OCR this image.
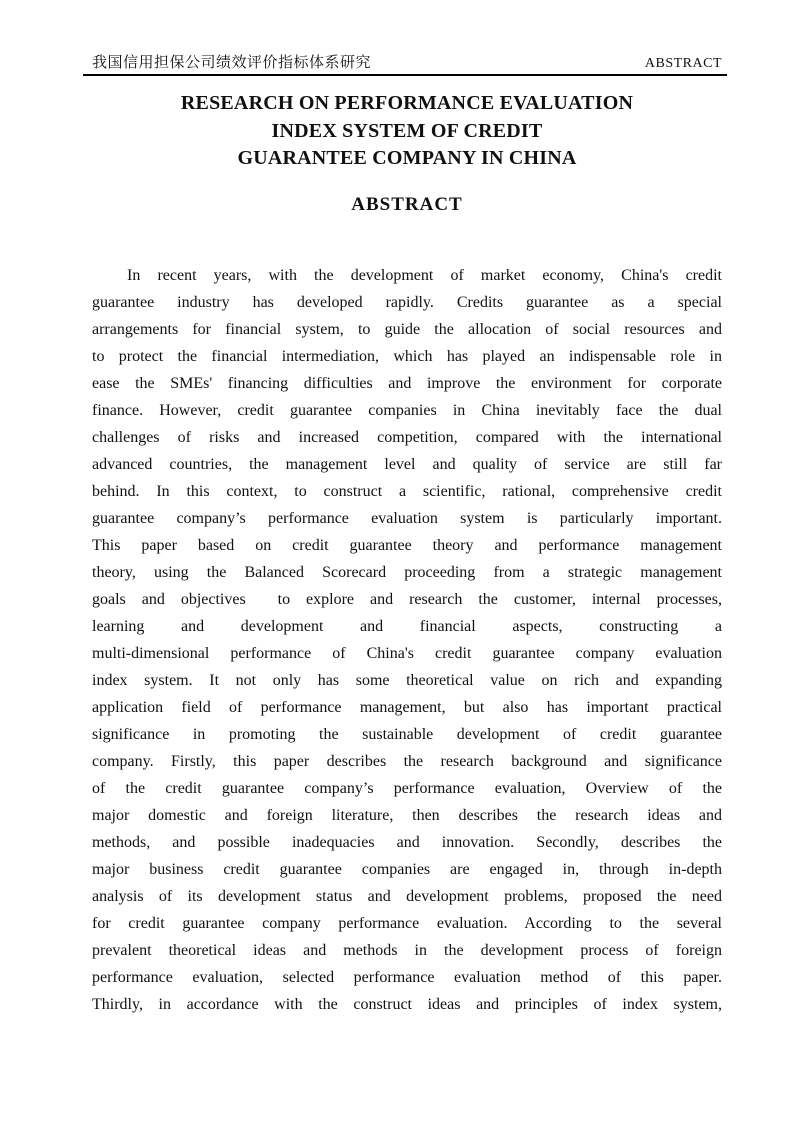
我国信用担保公司绩效评价指标体系研究	ABSTRACT
RESEARCH ON PERFORMANCE EVALUATION
INDEX SYSTEM OF CREDIT
GUARANTEE COMPANY IN CHINA
ABSTRACT
In recent years, with the development of market economy, China's credit
guarantee industry has developed rapidly. Credits guarantee as a special
arrangements for financial system, to guide the allocation of social resources and
to protect the financial intermediation, which has played an indispensable role in
ease the SMEs' financing difficulties and improve the environment for corporate
finance. However, credit guarantee companies in China inevitably face the dual
challenges of risks and increased competition, compared with the international
advanced countries, the management level and quality of service are still far
behind. In this context, to construct a scientific, rational, comprehensive credit
guarantee company’s performance evaluation system is particularly important.
This paper based on credit guarantee theory and performance management
theory, using the Balanced Scorecard proceeding from a strategic management
goals and objectives  to explore and research the customer, internal processes,
learning and development and financial aspects, constructing a
multi-dimensional performance of China's credit guarantee company evaluation
index system. It not only has some theoretical value on rich and expanding
application field of performance management, but also has important practical
significance in promoting the sustainable development of credit guarantee
company. Firstly, this paper describes the research background and significance
of the credit guarantee company’s performance evaluation, Overview of the
major domestic and foreign literature, then describes the research ideas and
methods, and possible inadequacies and innovation. Secondly, describes the
major business credit guarantee companies are engaged in, through in-depth
analysis of its development status and development problems, proposed the need
for credit guarantee company performance evaluation. According to the several
prevalent theoretical ideas and methods in the development process of foreign
performance evaluation, selected performance evaluation method of this paper.
Thirdly, in accordance with the construct ideas and principles of index system,
